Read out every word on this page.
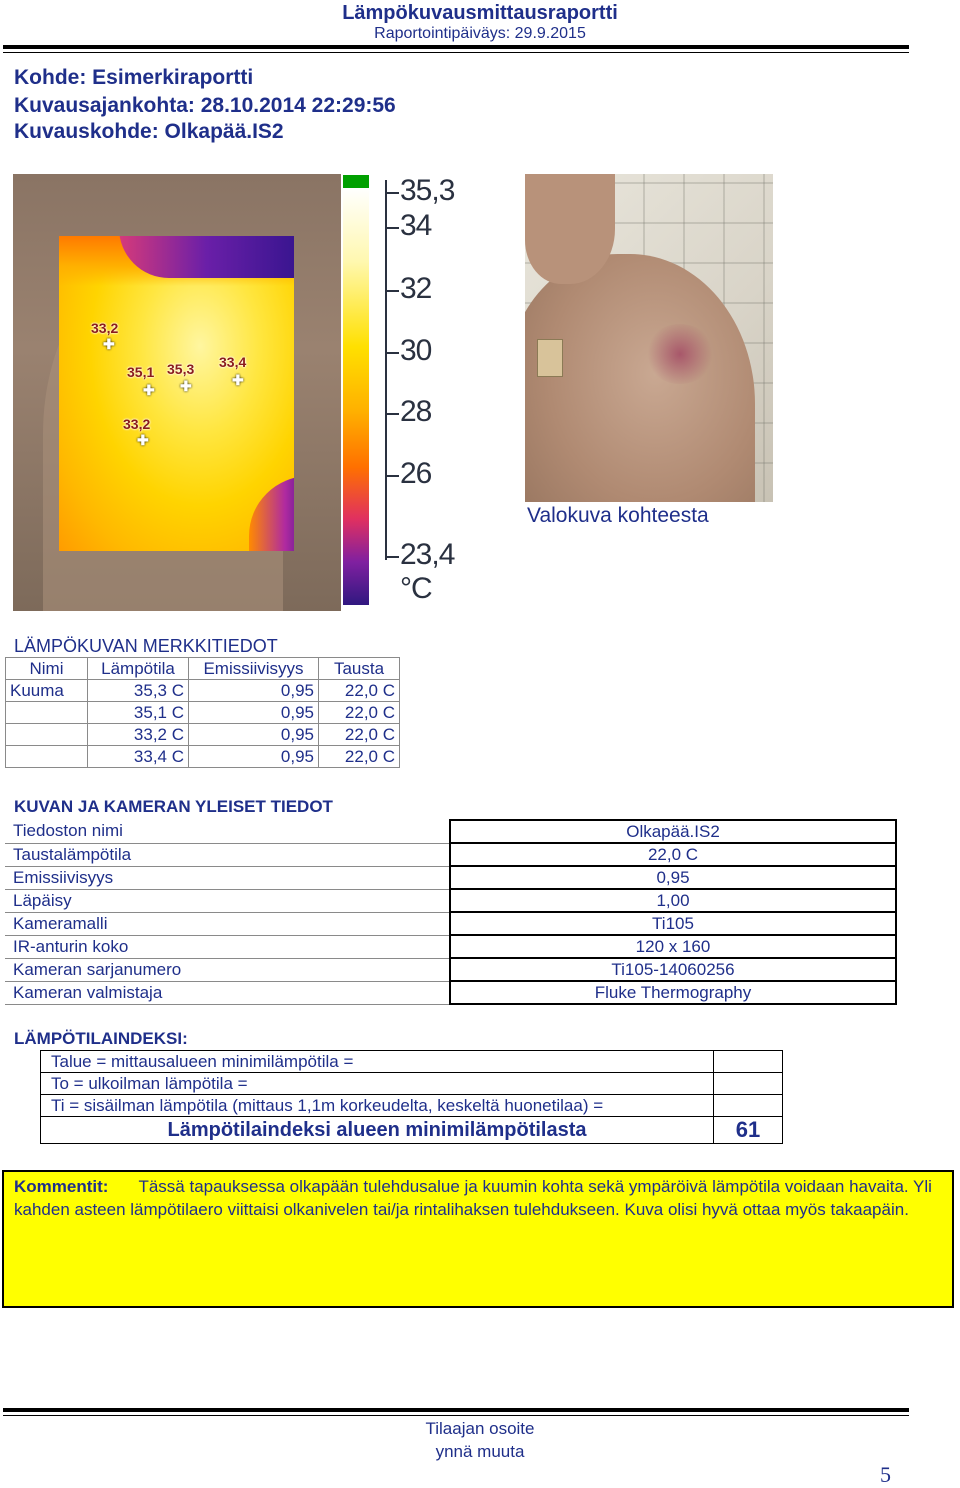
Lämpökuvausmittausraportti
Raportointipäiväys: 29.9.2015
Kohde: Esimerkiraportti
Kuvausajankohta: 28.10.2014 22:29:56
Kuvauskohde: Olkapää.IS2
33,2
✚
35,1
✚
35,3
✚
33,4
✚
33,2
✚
35,3
34
32
30
28
26
23,4
°C
Valokuva kohteesta
LÄMPÖKUVAN MERKKITIEDOT
Nimi	Lämpötila	Emissiivisyys	Tausta
Kuuma	35,3 C	0,95	22,0 C
	35,1 C	0,95	22,0 C
	33,2 C	0,95	22,0 C
	33,4 C	0,95	22,0 C
KUVAN JA KAMERAN YLEISET TIEDOT
Tiedoston nimi	Olkapää.IS2
Taustalämpötila	22,0 C
Emissiivisyys	0,95
Läpäisy	1,00
Kameramalli	Ti105
IR-anturin koko	120 x 160
Kameran sarjanumero	Ti105-14060256
Kameran valmistaja	Fluke Thermography
LÄMPÖTILAINDEKSI:
Talue = mittausalueen minimilämpötila =	
To = ulkoilman lämpötila =	
Ti = sisäilman lämpötila (mittaus 1,1m korkeudelta, keskeltä huonetilaa) =	
Lämpötilaindeksi alueen minimilämpötilasta	61
Kommentit: Tässä tapauksessa olkapään tulehdusalue ja kuumin kohta sekä ympäröivä lämpötila voidaan havaita. Yli kahden asteen lämpötilaero viittaisi olkanivelen tai/ja rintalihaksen tulehdukseen. Kuva olisi hyvä ottaa myös takaapäin.
Tilaajan osoite
ynnä muuta
5
